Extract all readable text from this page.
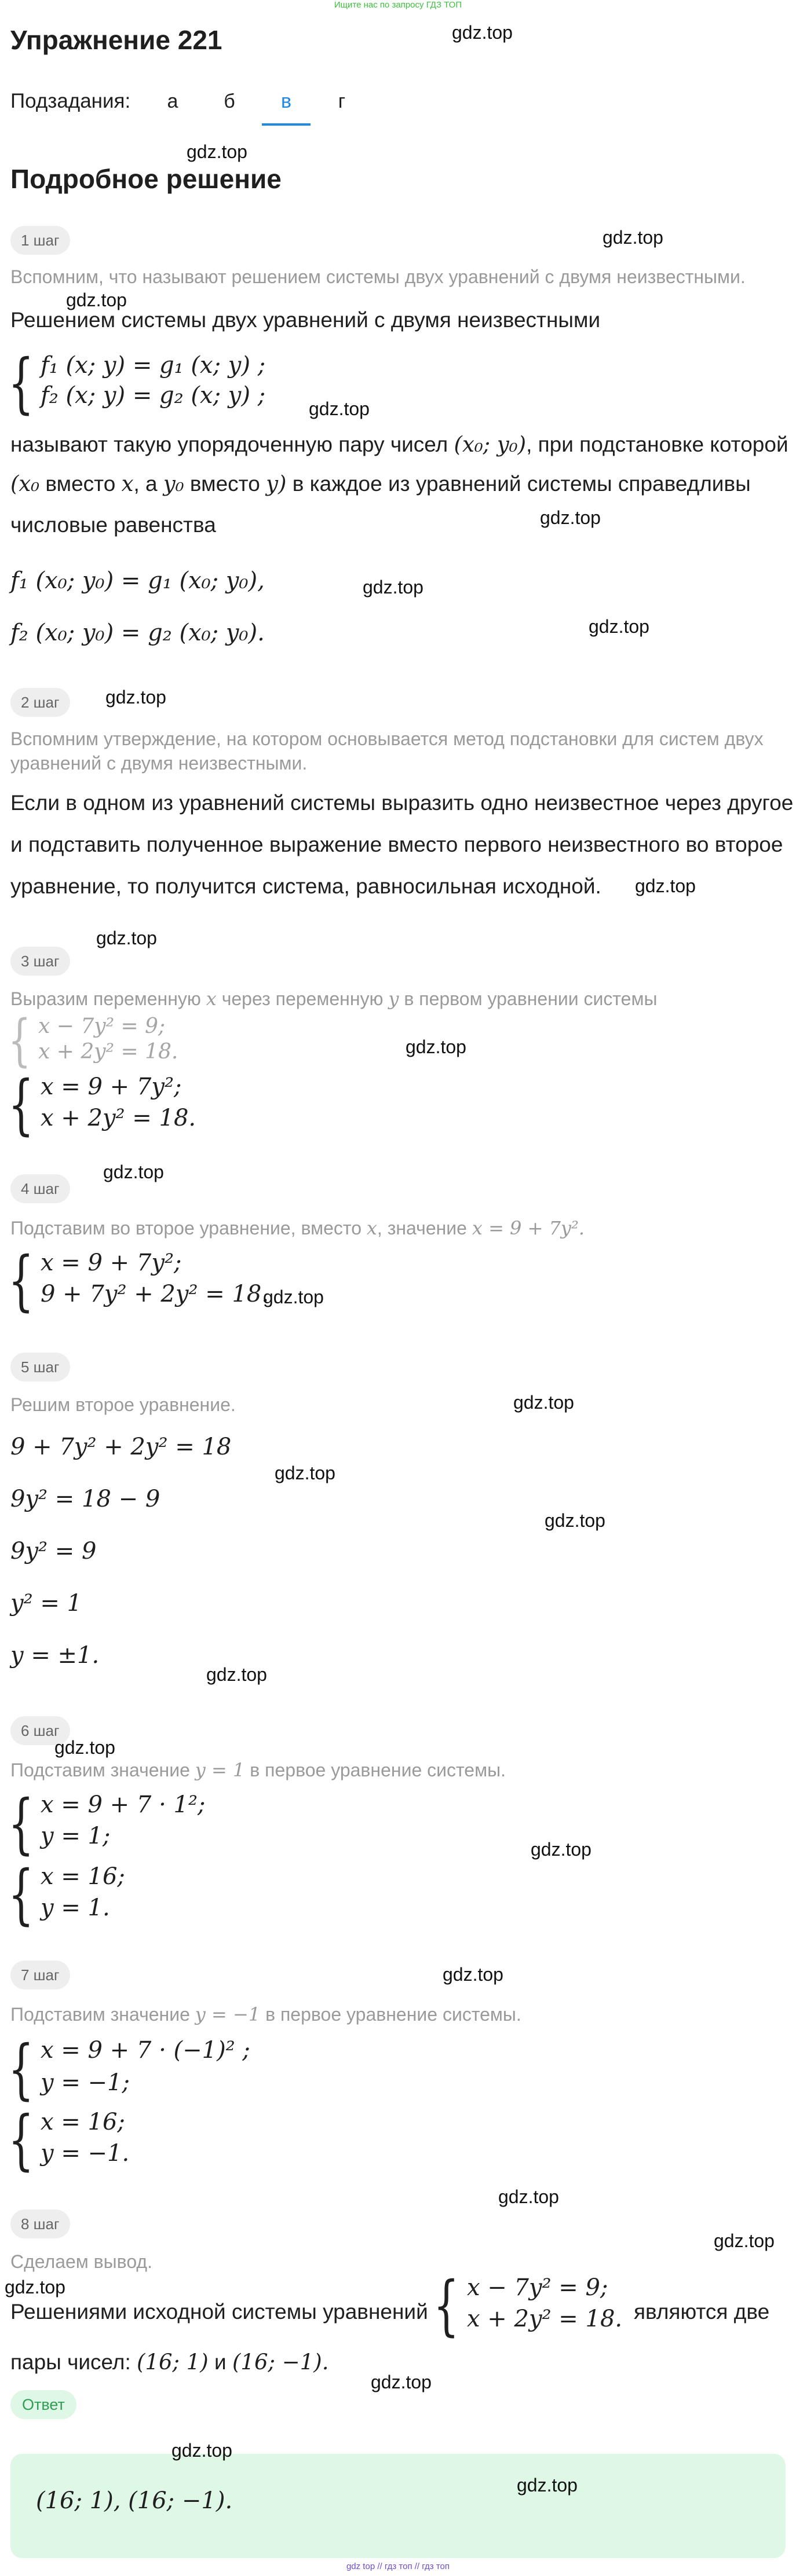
Ищите нас по запросу ГДЗ ТОП
Упражнение 221
Подзадания:	а	б	в	г
Подробное решение
1 шаг
Вспомним, что называют решением системы двух уравнений с двумя неизвестными.
Решением системы двух уравнений с двумя неизвестными
{ f₁ (x; y) = g₁ (x; y) ;
f₂ (x; y) = g₂ (x; y) ;
называют такую упорядоченную пару чисел (x₀; y₀), при подстановке которой
(x₀ вместо x, а y₀ вместо y) в каждое из уравнений системы справедливы
числовые равенства
f₁ (x₀; y₀) = g₁ (x₀; y₀),
f₂ (x₀; y₀) = g₂ (x₀; y₀).
2 шаг
Вспомним утверждение, на котором основывается метод подстановки для систем двух
уравнений с двумя неизвестными.
Если в одном из уравнений системы выразить одно неизвестное через другое
и подставить полученное выражение вместо первого неизвестного во второе
уравнение, то получится система, равносильная исходной.
3 шаг
Выразим переменную x через переменную y в первом уравнении системы
{ x − 7y² = 9;
x + 2y² = 18.
{ x = 9 + 7y²;
x + 2y² = 18.
4 шаг
Подставим во второе уравнение, вместо x, значение x = 9 + 7y².
{ x = 9 + 7y²;
9 + 7y² + 2y² = 18.
5 шаг
Решим второе уравнение.
9 + 7y² + 2y² = 18
9y² = 18 − 9
9y² = 9
y² = 1
y = ±1.
6 шаг
Подставим значение y = 1 в первое уравнение системы.
{ x = 9 + 7 · 1²;
y = 1;
{ x = 16;
y = 1.
7 шаг
Подставим значение y = −1 в первое уравнение системы.
{ x = 9 + 7 · (−1)² ;
y = −1;
{ x = 16;
y = −1.
8 шаг
Сделаем вывод.
Решениями исходной системы уравнений { x − 7y² = 9;
x + 2y² = 18. являются две
пары чисел: (16; 1) и (16; −1).
Ответ
(16; 1), (16; −1).
gdz.top
gdz.top
gdz.top
gdz.top
gdz.top
gdz.top
gdz.top
gdz.top
gdz.top
gdz.top
gdz.top
gdz.top
gdz.top
gdz.top
gdz.top
gdz.top
gdz.top
gdz.top
gdz.top
gdz.top
gdz.top
gdz.top
gdz.top
gdz.top
gdz.top
gdz.top
gdz.top
gdz top // гдз топ // гдз топ
